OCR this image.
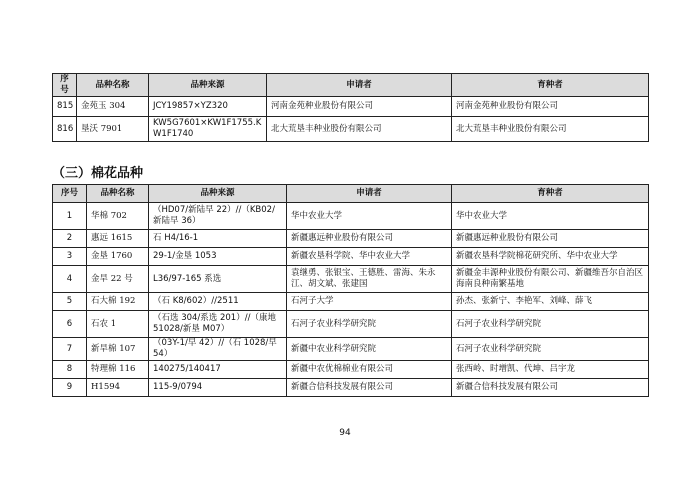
序号	品种名称	品种来源	申请者	育种者
815	金苑玉 304	JCY19857×YZ320	河南金苑种业股份有限公司	河南金苑种业股份有限公司
816	垦沃 7901	KW5G7601×KW1F1755.KW1F1740	北大荒垦丰种业股份有限公司	北大荒垦丰种业股份有限公司
（三）棉花品种
序号	品种名称	品种来源	申请者	育种者
1	华棉 702	（HD07/新陆早 22）//（KB02/新陆早 36）	华中农业大学	华中农业大学
2	惠远 1615	石 H4/16-1	新疆惠远种业股份有限公司	新疆惠远种业股份有限公司
3	金垦 1760	29-1/金垦 1053	新疆农垦科学院、华中农业大学	新疆农垦科学院棉花研究所、华中农业大学
4	金旱 22 号	L36/97-165 系选	袁继勇、张银宝、王德胜、雷海、朱永江、胡文斌、张建国	新疆金丰源种业股份有限公司、新疆维吾尔自治区海南良种南繁基地
5	石大棉 192	（石 K8/602）//2511	石河子大学	孙杰、张新宁、李艳军、刘峰、薛飞
6	石农 1	（石选 304/系选 201）//（康地 51028/新垦 M07）	石河子农业科学研究院	石河子农业科学研究院
7	新旱棉 107	（03Y-1/早 42）//（石 1028/早 54）	新疆中农业科学研究院	石河子农业科学研究院
8	特理棉 116	140275/140417	新疆中农优棉棉业有限公司	张西岭、时增凯、代坤、吕宇龙
9	H1594	115-9/0794	新疆合信科技发展有限公司	新疆合信科技发展有限公司
94
